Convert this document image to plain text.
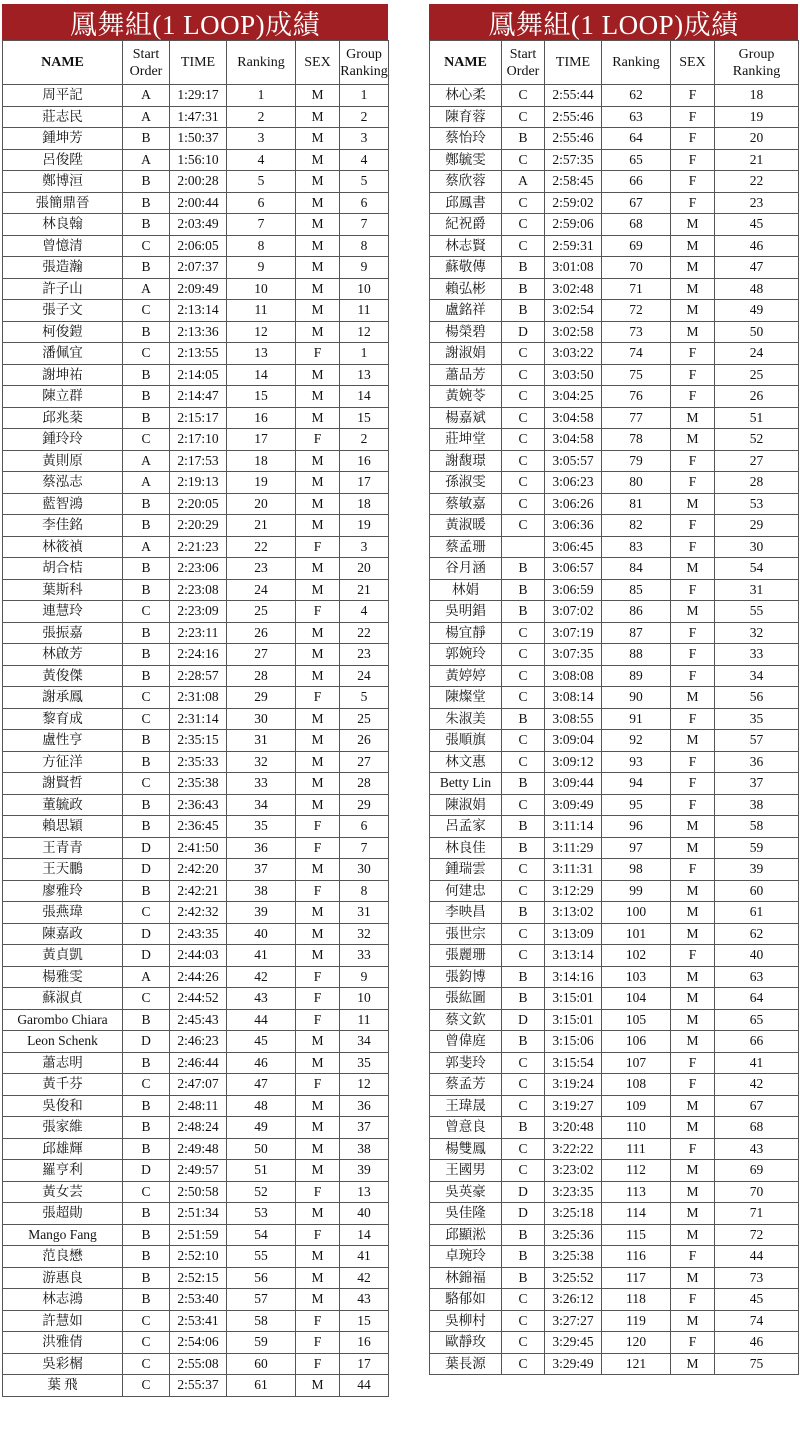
鳳舞組(1 LOOP)成績
NAME	Start Order	TIME	Ranking	SEX	Group Ranking
周平記	A	1:29:17	1	M	1
莊志民	A	1:47:31	2	M	2
鍾坤芳	B	1:50:37	3	M	3
呂俊陞	A	1:56:10	4	M	4
鄭博洹	B	2:00:28	5	M	5
張簡鼎晉	B	2:00:44	6	M	6
林良翰	B	2:03:49	7	M	7
曾憶清	C	2:06:05	8	M	8
張造瀚	B	2:07:37	9	M	9
許子山	A	2:09:49	10	M	10
張子文	C	2:13:14	11	M	11
柯俊鎧	B	2:13:36	12	M	12
潘佩宜	C	2:13:55	13	F	1
謝坤祐	B	2:14:05	14	M	13
陳立群	B	2:14:47	15	M	14
邱兆棻	B	2:15:17	16	M	15
鍾玲玲	C	2:17:10	17	F	2
黃則原	A	2:17:53	18	M	16
蔡泓志	A	2:19:13	19	M	17
藍智鴻	B	2:20:05	20	M	18
李佳銘	B	2:20:29	21	M	19
林筱禎	A	2:21:23	22	F	3
胡合桔	B	2:23:06	23	M	20
葉斯科	B	2:23:08	24	M	21
連慧玲	C	2:23:09	25	F	4
張振嘉	B	2:23:11	26	M	22
林啟芳	B	2:24:16	27	M	23
黃俊傑	B	2:28:57	28	M	24
謝承鳳	C	2:31:08	29	F	5
黎育成	C	2:31:14	30	M	25
盧性亨	B	2:35:15	31	M	26
方征洋	B	2:35:33	32	M	27
謝賢哲	C	2:35:38	33	M	28
董毓政	B	2:36:43	34	M	29
賴思穎	B	2:36:45	35	F	6
王青青	D	2:41:50	36	F	7
王天鵬	D	2:42:20	37	M	30
廖雅玲	B	2:42:21	38	F	8
張燕瑋	C	2:42:32	39	M	31
陳嘉政	D	2:43:35	40	M	32
黃貞凱	D	2:44:03	41	M	33
楊雅雯	A	2:44:26	42	F	9
蘇淑貞	C	2:44:52	43	F	10
Garombo Chiara	B	2:45:43	44	F	11
Leon Schenk	D	2:46:23	45	M	34
蕭志明	B	2:46:44	46	M	35
黃千芬	C	2:47:07	47	F	12
吳俊和	B	2:48:11	48	M	36
張家維	B	2:48:24	49	M	37
邱雄輝	B	2:49:48	50	M	38
羅亨利	D	2:49:57	51	M	39
黃女芸	C	2:50:58	52	F	13
張超勛	B	2:51:34	53	M	40
Mango Fang	B	2:51:59	54	F	14
范良懋	B	2:52:10	55	M	41
游惠良	B	2:52:15	56	M	42
林志鴻	B	2:53:40	57	M	43
許慧如	C	2:53:41	58	F	15
洪雅倩	C	2:54:06	59	F	16
吳彩榍	C	2:55:08	60	F	17
葉 飛	C	2:55:37	61	M	44
鳳舞組(1 LOOP)成績
NAME	Start Order	TIME	Ranking	SEX	Group Ranking
林心柔	C	2:55:44	62	F	18
陳育蓉	C	2:55:46	63	F	19
蔡怡玲	B	2:55:46	64	F	20
鄭毓雯	C	2:57:35	65	F	21
蔡欣蓉	A	2:58:45	66	F	22
邱鳳書	C	2:59:02	67	F	23
紀祝爵	C	2:59:06	68	M	45
林志賢	C	2:59:31	69	M	46
蘇敬傳	B	3:01:08	70	M	47
賴弘彬	B	3:02:48	71	M	48
盧銘祥	B	3:02:54	72	M	49
楊榮碧	D	3:02:58	73	M	50
謝淑娟	C	3:03:22	74	F	24
蕭品芳	C	3:03:50	75	F	25
黃婉苓	C	3:04:25	76	F	26
楊嘉斌	C	3:04:58	77	M	51
莊坤堂	C	3:04:58	78	M	52
謝馥璟	C	3:05:57	79	F	27
孫淑雯	C	3:06:23	80	F	28
蔡敏嘉	C	3:06:26	81	M	53
黃淑暖	C	3:06:36	82	F	29
蔡孟珊		3:06:45	83	F	30
谷月涵	B	3:06:57	84	M	54
林娟	B	3:06:59	85	F	31
吳明錩	B	3:07:02	86	M	55
楊宜靜	C	3:07:19	87	F	32
郭婉玲	C	3:07:35	88	F	33
黃婷婷	C	3:08:08	89	F	34
陳燦堂	C	3:08:14	90	M	56
朱淑美	B	3:08:55	91	F	35
張順旗	C	3:09:04	92	M	57
林文惠	C	3:09:12	93	F	36
Betty Lin	B	3:09:44	94	F	37
陳淑娟	C	3:09:49	95	F	38
呂孟家	B	3:11:14	96	M	58
林良佳	B	3:11:29	97	M	59
鍾瑞雲	C	3:11:31	98	F	39
何建忠	C	3:12:29	99	M	60
李映昌	B	3:13:02	100	M	61
張世宗	C	3:13:09	101	M	62
張麗珊	C	3:13:14	102	F	40
張鈞博	B	3:14:16	103	M	63
張紘圖	B	3:15:01	104	M	64
蔡文欽	D	3:15:01	105	M	65
曾偉庭	B	3:15:06	106	M	66
郭斐玲	C	3:15:54	107	F	41
蔡孟芳	C	3:19:24	108	F	42
王瑋晟	C	3:19:27	109	M	67
曾意良	B	3:20:48	110	M	68
楊雙鳳	C	3:22:22	111	F	43
王國男	C	3:23:02	112	M	69
吳英豪	D	3:23:35	113	M	70
吳佳隆	D	3:25:18	114	M	71
邱顯淞	B	3:25:36	115	M	72
卓琬玲	B	3:25:38	116	F	44
林錦福	B	3:25:52	117	M	73
駱郁如	C	3:26:12	118	F	45
吳柳村	C	3:27:27	119	M	74
歐靜玫	C	3:29:45	120	F	46
葉長源	C	3:29:49	121	M	75
